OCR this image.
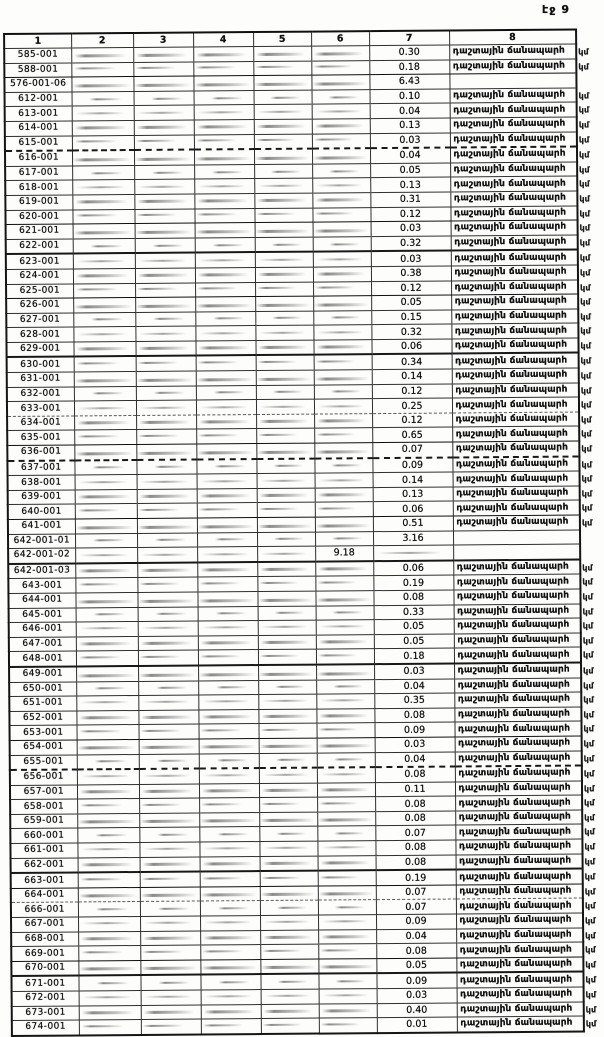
էջ 9
1	2	3	4	5	6	7	8
585-001						0.30	դաշտային ճանապարհ կմ

588-001						0.18	դաշտային ճանապարհ կմ

576-001-06						6.43	
612-001						0.10	դաշտային ճանապարհ կմ

613-001						0.04	դաշտային ճանապարհ կմ

614-001						0.13	դաշտային ճանապարհ կմ

615-001						0.03	դաշտային ճանապարհ կմ

616-001						0.04	դաշտային ճանապարհ կմ

617-001						0.05	դաշտային ճանապարհ կմ

618-001						0.13	դաշտային ճանապարհ կմ

619-001						0.31	դաշտային ճանապարհ կմ

620-001						0.12	դաշտային ճանապարհ կմ

621-001						0.03	դաշտային ճանապարհ կմ

622-001						0.32	դաշտային ճանապարհ կմ

623-001						0.03	դաշտային ճանապարհ կմ

624-001						0.38	դաշտային ճանապարհ կմ

625-001						0.12	դաշտային ճանապարհ կմ

626-001						0.05	դաշտային ճանապարհ կմ

627-001						0.15	դաշտային ճանապարհ կմ

628-001						0.32	դաշտային ճանապարհ կմ

629-001						0.06	դաշտային ճանապարհ կմ

630-001						0.34	դաշտային ճանապարհ կմ

631-001						0.14	դաշտային ճանապարհ կմ

632-001						0.12	դաշտային ճանապարհ կմ

633-001						0.25	դաշտային ճանապարհ կմ

634-001						0.12	դաշտային ճանապարհ կմ

635-001						0.65	դաշտային ճանապարհ կմ

636-001						0.07	դաշտային ճանապարհ կմ

637-001						0.09	դաշտային ճանապարհ կմ

638-001						0.14	դաշտային ճանապարհ կմ

639-001						0.13	դաշտային ճանապարհ կմ

640-001						0.06	դաշտային ճանապարհ կմ

641-001						0.51	դաշտային ճանապարհ կմ

642-001-01						3.16	
642-001-02					9.18		
642-001-03						0.06	դաշտային ճանապարհ կմ

643-001						0.19	դաշտային ճանապարհ կմ

644-001						0.08	դաշտային ճանապարհ կմ

645-001						0.33	դաշտային ճանապարհ կմ

646-001						0.05	դաշտային ճանապարհ կմ

647-001						0.05	դաշտային ճանապարհ կմ

648-001						0.18	դաշտային ճանապարհ կմ

649-001						0.03	դաշտային ճանապարհ կմ

650-001						0.04	դաշտային ճանապարհ կմ

651-001						0.35	դաշտային ճանապարհ կմ

652-001						0.08	դաշտային ճանապարհ կմ

653-001						0.09	դաշտային ճանապարհ կմ

654-001						0.03	դաշտային ճանապարհ կմ

655-001						0.04	դաշտային ճանապարհ կմ

656-001						0.08	դաշտային ճանապարհ կմ

657-001						0.11	դաշտային ճանապարհ կմ

658-001						0.08	դաշտային ճանապարհ կմ

659-001						0.08	դաշտային ճանապարհ կմ

660-001						0.07	դաշտային ճանապարհ կմ

661-001						0.08	դաշտային ճանապարհ կմ

662-001						0.08	դաշտային ճանապարհ կմ

663-001						0.19	դաշտային ճանապարհ կմ

664-001						0.07	դաշտային ճանապարհ կմ

666-001						0.07	դաշտային ճանապարհ կմ

667-001						0.09	դաշտային ճանապարհ կմ

668-001						0.04	դաշտային ճանապարհ կմ

669-001						0.08	դաշտային ճանապարհ կմ

670-001						0.05	դաշտային ճանապարհ կմ

671-001						0.09	դաշտային ճանապարհ կմ

672-001						0.03	դաշտային ճանապարհ կմ

673-001						0.40	դաշտային ճանապարհ կմ

674-001						0.01	դաշտային ճանապարհ կմ
